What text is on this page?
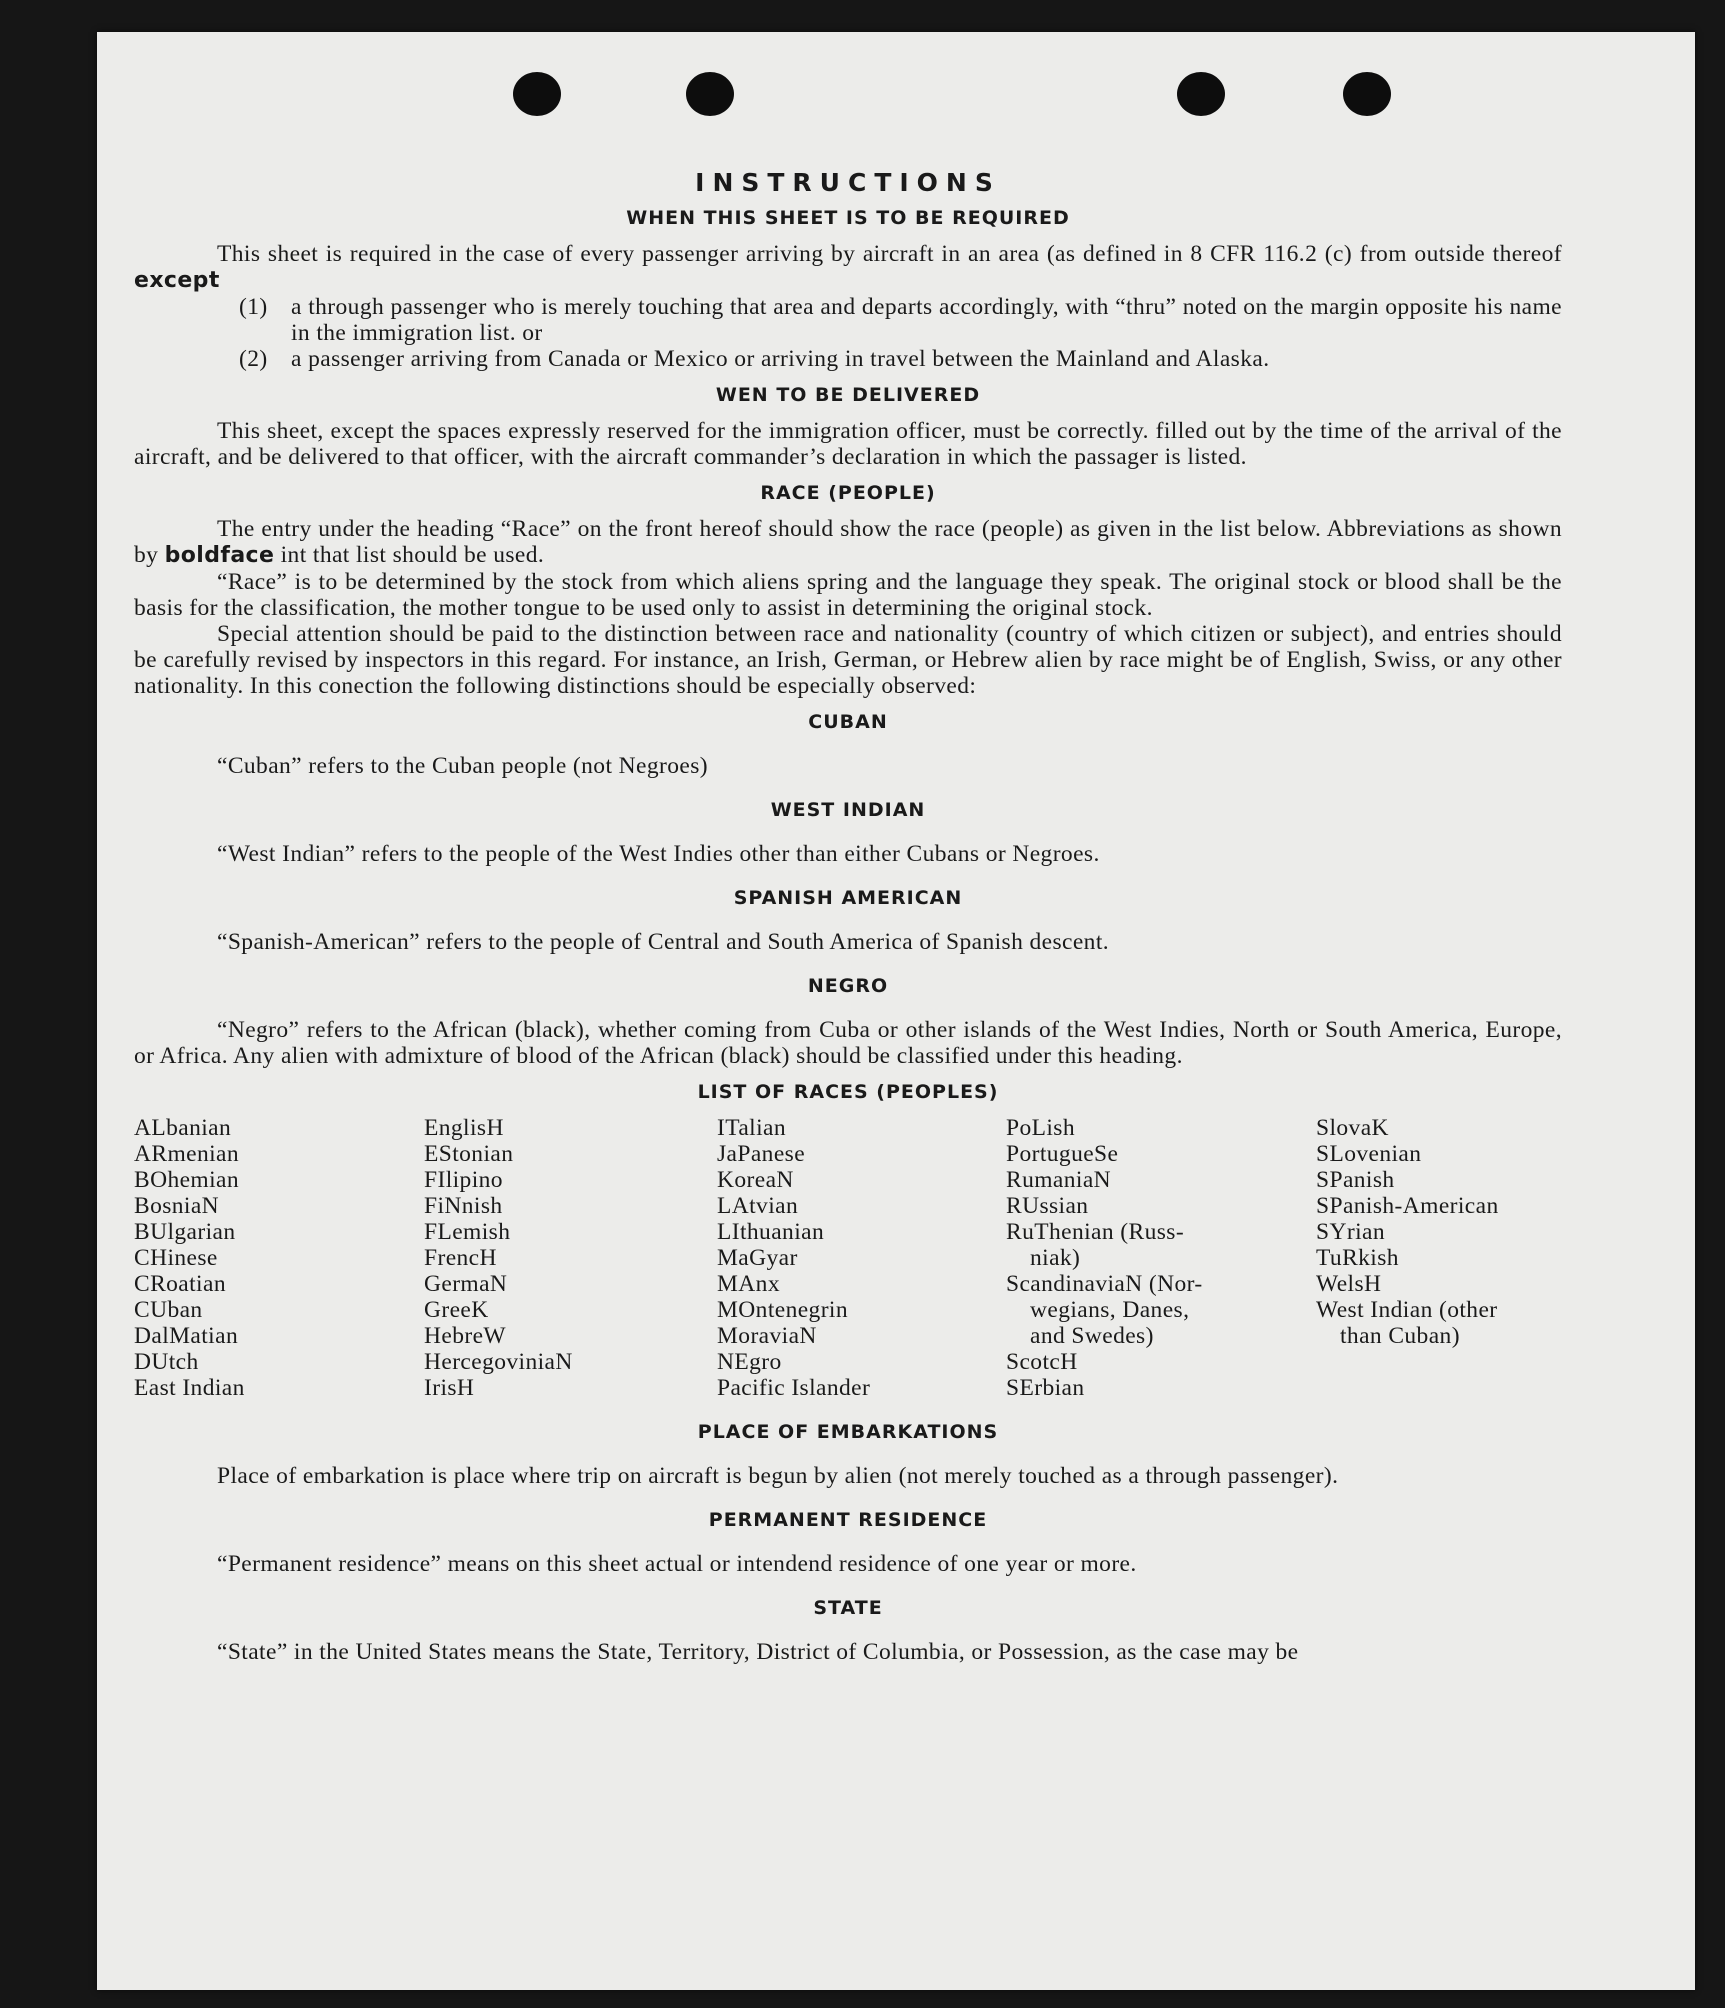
INSTRUCTIONS
WHEN THIS SHEET IS TO BE REQUIRED

This sheet is required in the case of every passenger arriving by aircraft in an area (as defined in 8 CFR 116.2 (c) from outside thereof except

(1) a through passenger who is merely touching that area and departs accordingly, with “thru” noted on the margin opposite his name in the immigration list. or
(2) a passenger arriving from Canada or Mexico or arriving in travel between the Mainland and Alaska.
WEN TO BE DELIVERED

This sheet, except the spaces expressly reserved for the immigration officer, must be correctly. filled out by the time of the arrival of the aircraft, and be delivered to that officer, with the aircraft commander’s declaration in which the passager is listed.

RACE (PEOPLE)

The entry under the heading “Race” on the front hereof should show the race (people) as given in the list below. Abbreviations as shown by boldface int that list should be used.

“Race” is to be determined by the stock from which aliens spring and the language they speak. The original stock or blood shall be the basis for the classification, the mother tongue to be used only to assist in determining the original stock.

Special attention should be paid to the distinction between race and nationality (country of which citizen or subject), and entries should be carefully revised by inspectors in this regard. For instance, an Irish, German, or Hebrew alien by race might be of English, Swiss, or any other nationality. In this conection the following distinctions should be especially observed:

CUBAN

“Cuban” refers to the Cuban people (not Negroes)

WEST INDIAN

“West Indian” refers to the people of the West Indies other than either Cubans or Negroes.

SPANISH AMERICAN

“Spanish-American” refers to the people of Central and South America of Spanish descent.

NEGRO

“Negro” refers to the African (black), whether coming from Cuba or other islands of the West Indies, North or South America, Europe, or Africa. Any alien with admixture of blood of the African (black) should be classified under this heading.

LIST OF RACES (PEOPLES)
ALbanian
ARmenian
BOhemian
BosniaN
BUlgarian
CHinese
CRoatian
CUban
DalMatian
DUtch
East Indian
EnglisH
EStonian
FIlipino
FiNnish
FLemish
FrencH
GermaN
GreeK
HebreW
HercegoviniaN
IrisH
ITalian
JaPanese
KoreaN
LAtvian
LIthuanian
MaGyar
MAnx
MOntenegrin
MoraviaN
NEgro
Pacific Islander
PoLish
PortugueSe
RumaniaN
RUssian
RuThenian (Russ-
niak)
ScandinaviaN (Nor-
wegians, Danes,
and Swedes)
ScotcH
SErbian
SlovaK
SLovenian
SPanish
SPanish-American
SYrian
TuRkish
WelsH
West Indian (other
than Cuban)
PLACE OF EMBARKATIONS

Place of embarkation is place where trip on aircraft is begun by alien (not merely touched as a through passenger).

PERMANENT RESIDENCE

“Permanent residence” means on this sheet actual or intendend residence of one year or more.

STATE

“State” in the United States means the State, Territory, District of Columbia, or Possession, as the case may be
